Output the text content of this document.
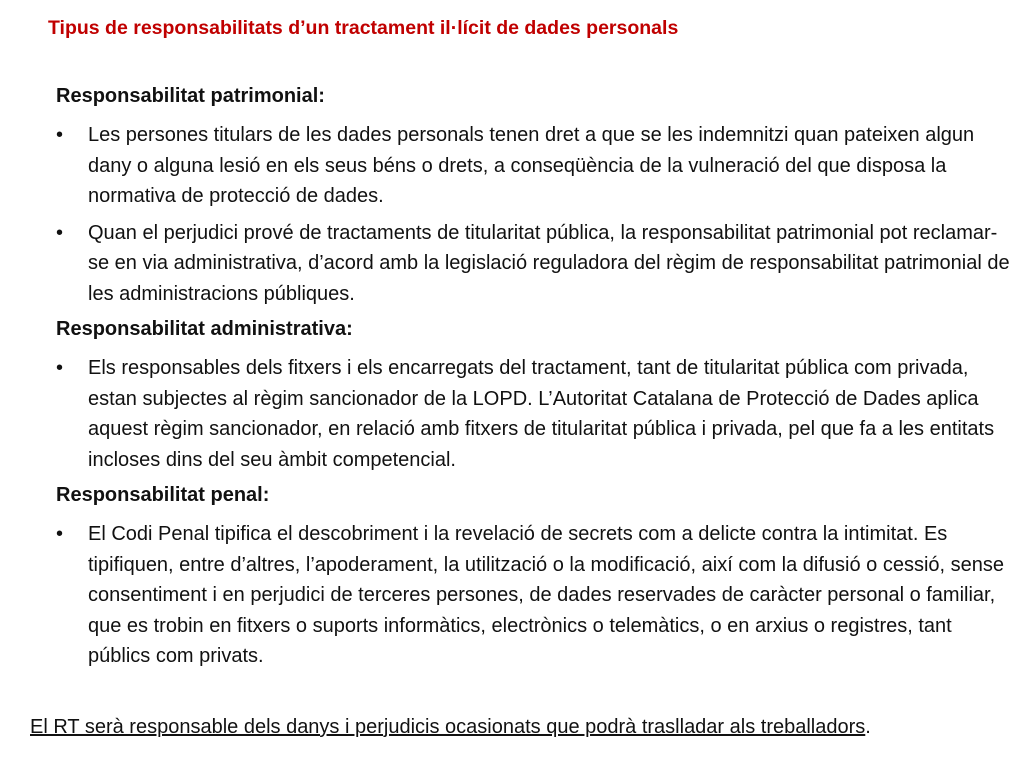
Tipus de responsabilitats d’un tractament il·lícit de dades personals
Responsabilitat patrimonial:
•	Les persones titulars de les dades personals tenen dret a que se les indemnitzi quan pateixen algun dany o alguna lesió en els seus béns o drets, a conseqüència de la vulneració del que disposa la normativa de protecció de dades.
•	Quan el perjudici prové de tractaments de titularitat pública, la responsabilitat patrimonial pot reclamar-se en via administrativa, d’acord amb la legislació reguladora del règim de responsabilitat patrimonial de les administracions públiques.
Responsabilitat administrativa:
•	Els responsables dels fitxers i els encarregats del tractament, tant de titularitat pública com privada, estan subjectes al règim sancionador de la LOPD. L’Autoritat Catalana de Protecció de Dades aplica aquest règim sancionador, en relació amb fitxers de titularitat pública i privada, pel que fa a les entitats incloses dins del seu àmbit competencial.
Responsabilitat penal:
•	El Codi Penal tipifica el descobriment i la revelació de secrets com a delicte contra la intimitat. Es tipifiquen, entre d’altres, l’apoderament, la utilització o la modificació, així com la difusió o cessió, sense consentiment i en perjudici de terceres persones, de dades reservades de caràcter personal o familiar, que es trobin en fitxers o suports informàtics, electrònics o telemàtics, o en arxius o registres, tant públics com privats.
El RT serà responsable dels danys i perjudicis ocasionats que podrà traslladar als treballadors.
